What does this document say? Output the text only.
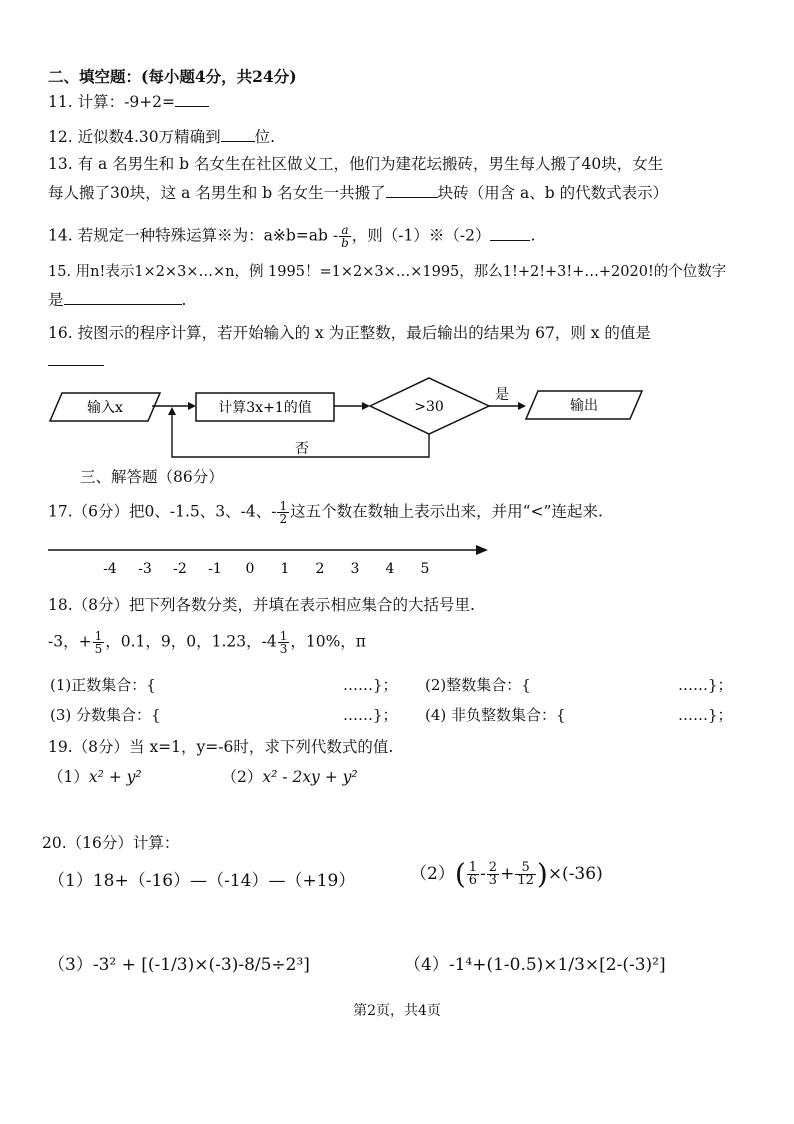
二、填空题：(每小题4分，共24分)
11. 计算：-9+2=
12. 近似数4.30万精确到 位.
13. 有 a 名男生和 b 名女生在社区做义工，他们为建花坛搬砖，男生每人搬了40块，女生
每人搬了30块，这 a 名男生和 b 名女生一共搬了	块砖（用含 a、b 的代数式表示）
14. 若规定一种特殊运算※为：a※b=ab - $\frac{a}{b}$ ，则（-1）※（-2）	.
15. 用n!表示1×2×3×…×n，例 1995！=1×2×3×…×1995，那么1!+2!+3!+…+2020!的个位数字
是	.
16. 按图示的程序计算，若开始输入的 x 为正整数，最后输出的结果为 67，则 x 的值是
输入x	计算3x+1的值	>30
是
输出
否
三、解答题（86分）
17.（6分）把0、-1.5、3、-4、- $\frac{1}{2}$ 这五个数在数轴上表示出来，并用“<”连起来.
-4 -3 -2 -1 0 1 2 3 4 5
18.（8分）把下列各数分类，并填在表示相应集合的大括号里.
-3，+ $\frac{1}{5}$ ，0.1，9，0，1.23，$-4 \frac{1}{3}$ ，10%，π
(1)正数集合：{	……}； (2)整数集合：{	……}；
(3) 分数集合：{	……}； (4) 非负整数集合：{	……}；
19.（8分）当 x=1，y=-6时，求下列代数式的值.
（1）x² + y²	（2）x² - 2xy + y²
20.（16分）计算：
（1）18+（-16）—（-14）—（+19）	$(2)( \frac{1}{6} - \frac{2}{3} + \frac{5}{12} )\times(-36)$
（3）-3² + [(-1/3)×(-3)-8/5÷2³]	（4）-1⁴+(1-0.5)×1/3×[2-(-3)²]
第2页，共4页
